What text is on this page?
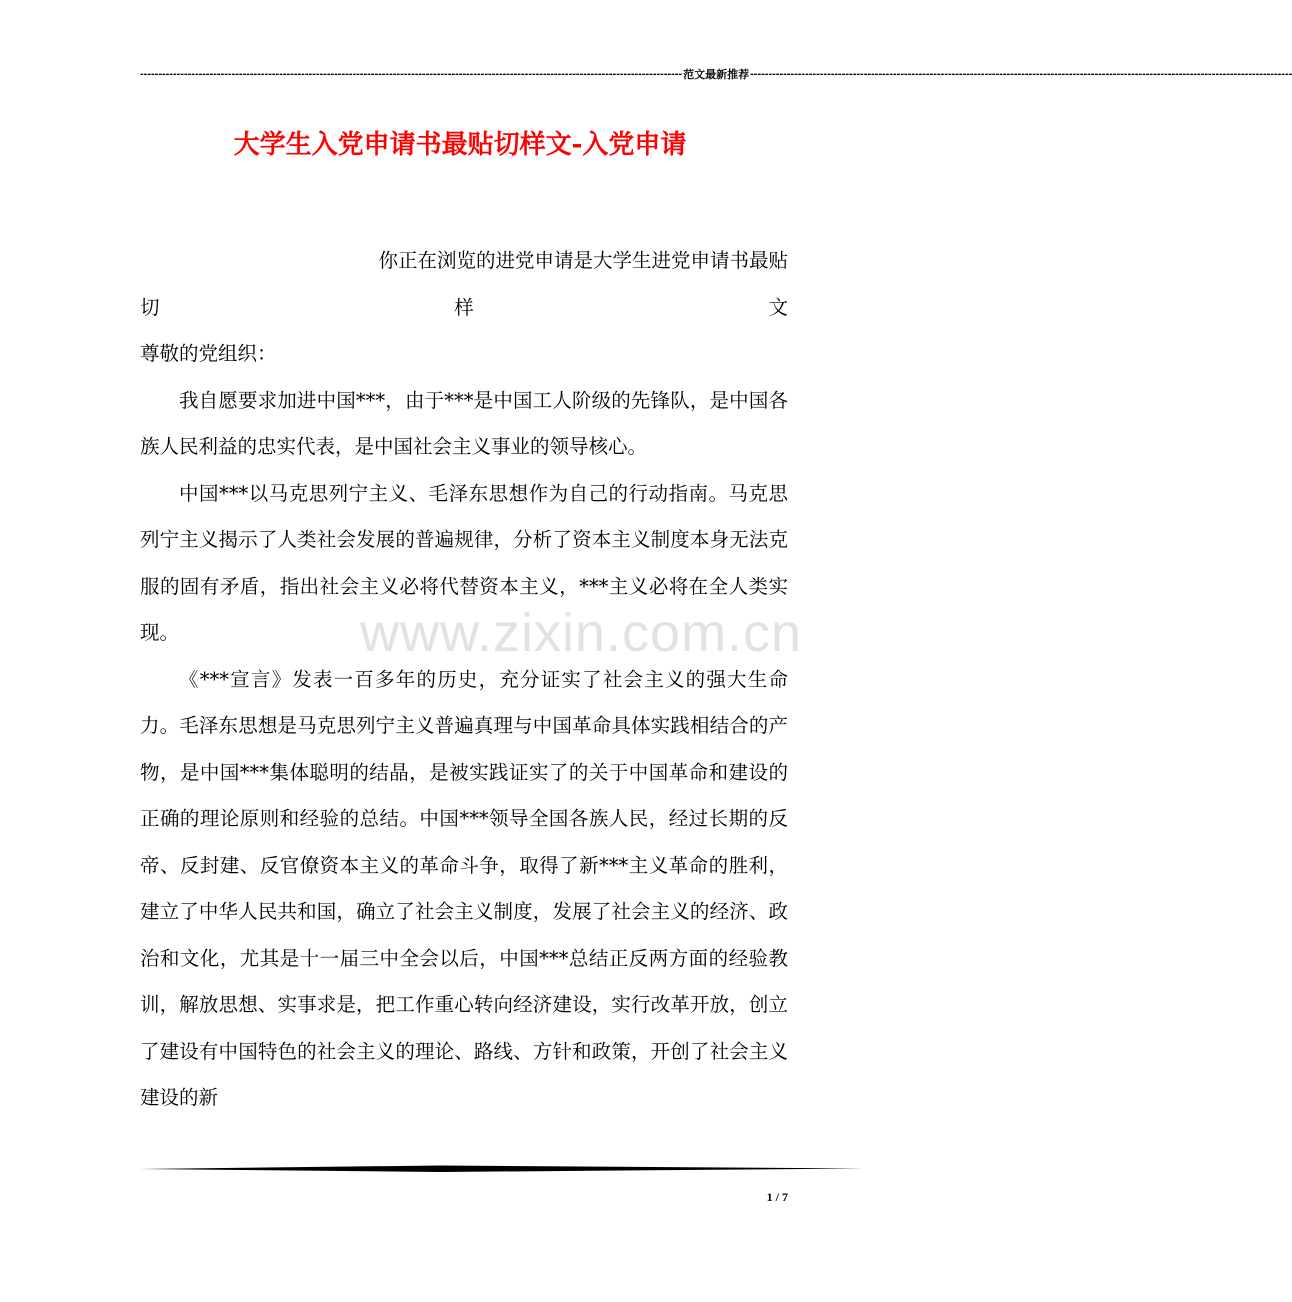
---------------------------------------------------------------------------------------------------------------------------------------------------- 范文最新推荐 ----------------------------------------------------------------------------------------------------------------------------------------------------
大学生入党申请书最贴切样文-入党申请
www.zixin.com.cn

你正在浏览的进党申请是大学生进党申请书最贴

切	样	文

尊敬的党组织：

我自愿要求加进中国***，由于***是中国工人阶级的先锋队，是中国各族人民利益的忠实代表，是中国社会主义事业的领导核心。

中国***以马克思列宁主义、毛泽东思想作为自己的行动指南。马克思列宁主义揭示了人类社会发展的普遍规律，分析了资本主义制度本身无法克服的固有矛盾，指出社会主义必将代替资本主义，***主义必将在全人类实现。

《***宣言》发表一百多年的历史，充分证实了社会主义的强大生命力。毛泽东思想是马克思列宁主义普遍真理与中国革命具体实践相结合的产物，是中国***集体聪明的结晶，是被实践证实了的关于中国革命和建设的正确的理论原则和经验的总结。中国***领导全国各族人民，经过长期的反帝、反封建、反官僚资本主义的革命斗争，取得了新***主义革命的胜利，建立了中华人民共和国，确立了社会主义制度，发展了社会主义的经济、政治和文化，尤其是十一届三中全会以后，中国***总结正反两方面的经验教训，解放思想、实事求是，把工作重心转向经济建设，实行改革开放，创立了建设有中国特色的社会主义的理论、路线、方针和政策，开创了社会主义建设的新

1 / 7
